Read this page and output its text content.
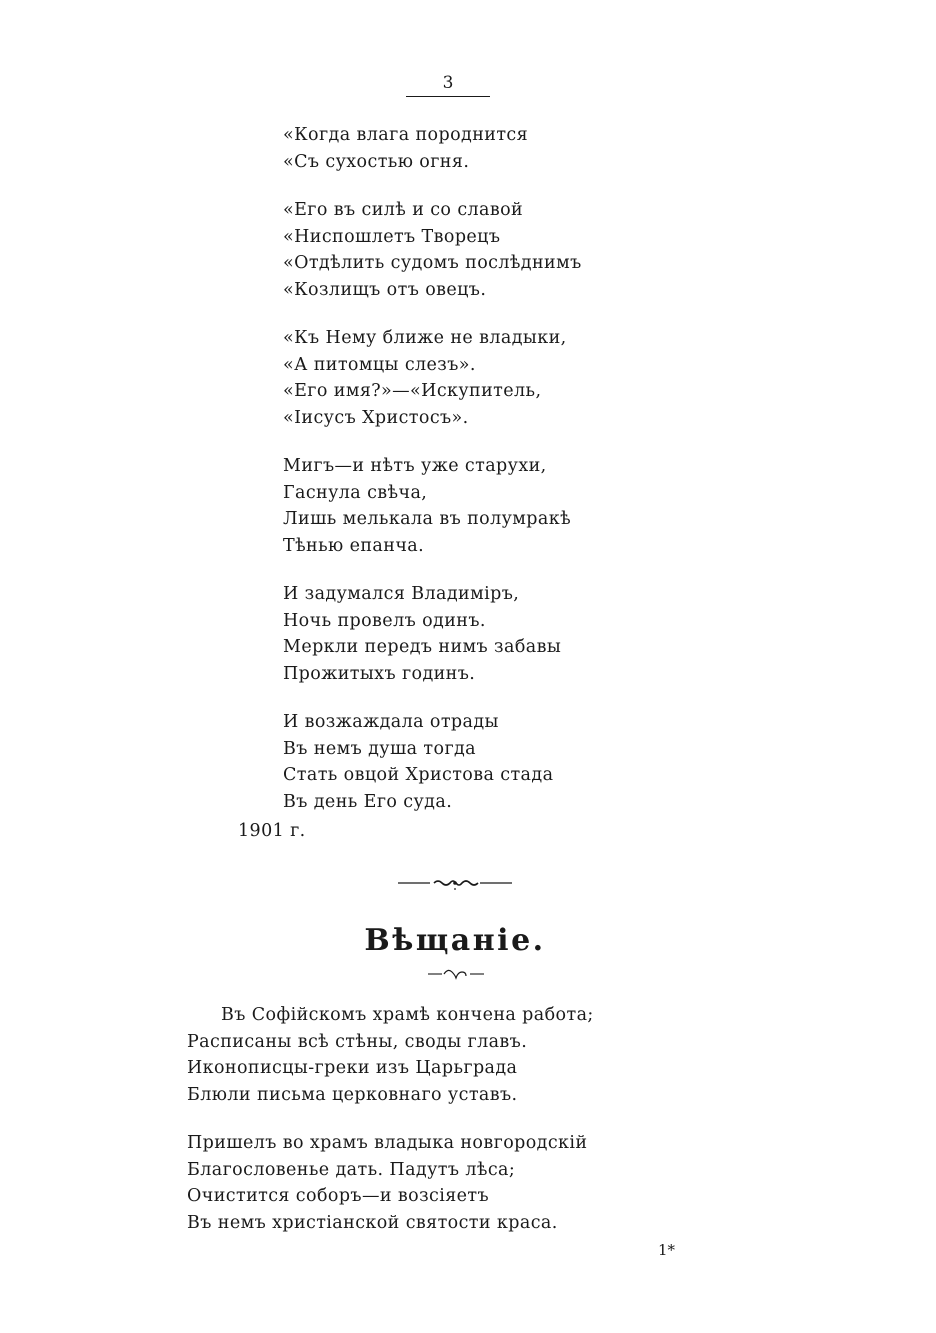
3
«Когда влага породнится
«Съ сухостью огня.
«Его въ силѣ и со славой
«Ниспошлетъ Творецъ
«Отдѣлить судомъ послѣднимъ
«Козлищъ отъ овецъ.
«Къ Нему ближе не владыки,
«А питомцы слезъ».
«Его имя?»—«Искупитель,
«Іисусъ Христосъ».
Мигъ—и нѣтъ уже старухи,
Гаснула свѣча,
Лишь мелькала въ полумракѣ
Тѣнью епанча.
И задумался Владиміръ,
Ночь провелъ одинъ.
Меркли передъ нимъ забавы
Прожитыхъ годинъ.
И возжаждала отрады
Въ немъ душа тогда
Стать овцой Христова стада
Въ день Его суда.
1901 г.
Вѣщаніе.
Въ Софійскомъ храмѣ кончена работа;
Расписаны всѣ стѣны, своды главъ.
Иконописцы-греки изъ Царьграда
Блюли письма церковнаго уставъ.
Пришелъ во храмъ владыка новгородскій
Благословенье дать. Падутъ лѣса;
Очистится соборъ—и возсіяетъ
Въ немъ христіанской святости краса.
1*
